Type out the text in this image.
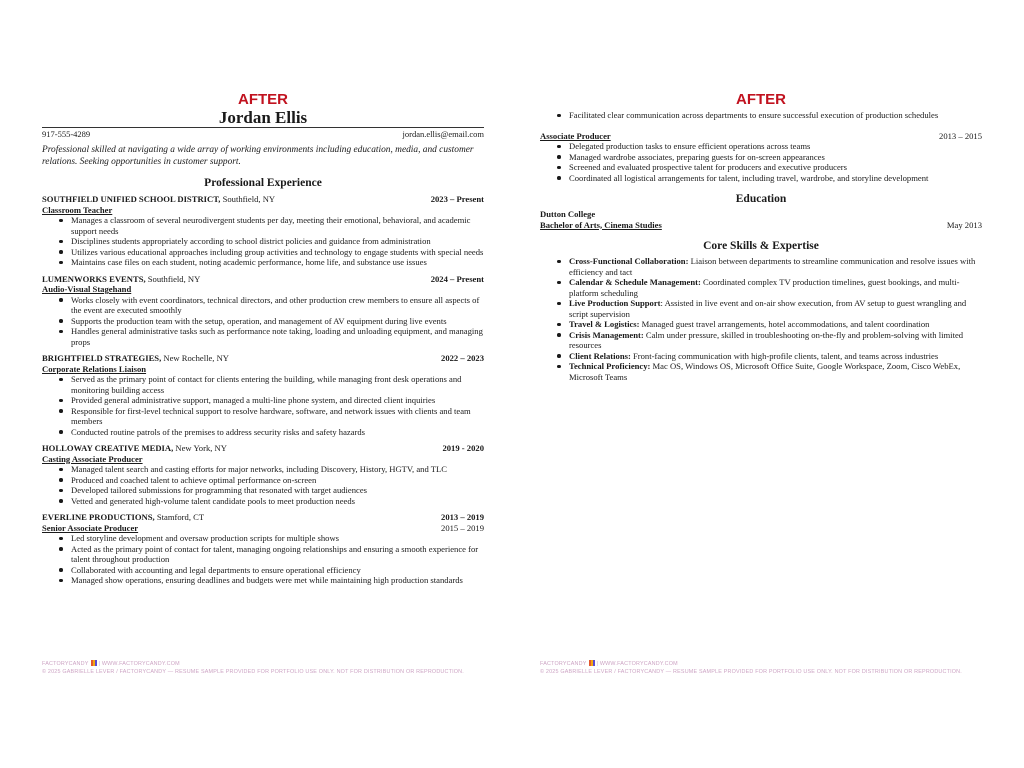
AFTER
Jordan Ellis
917-555-4289	jordan.ellis@email.com
Professional skilled at navigating a wide array of working environments including education, media, and customer relations. Seeking opportunities in customer support.
Professional Experience
SOUTHFIELD UNIFIED SCHOOL DISTRICT, Southfield, NY	2023 – Present
Classroom Teacher
Manages a classroom of several neurodivergent students per day, meeting their emotional, behavioral, and academic support needs
Disciplines students appropriately according to school district policies and guidance from administration
Utilizes various educational approaches including group activities and technology to engage students with special needs
Maintains case files on each student, noting academic performance, home life, and substance use issues
LUMENWORKS EVENTS, Southfield, NY	2024 – Present
Audio-Visual Stagehand
Works closely with event coordinators, technical directors, and other production crew members to ensure all aspects of the event are executed smoothly
Supports the production team with the setup, operation, and management of AV equipment during live events
Handles general administrative tasks such as performance note taking, loading and unloading equipment, and managing props
BRIGHTFIELD STRATEGIES, New Rochelle, NY	2022 – 2023
Corporate Relations Liaison
Served as the primary point of contact for clients entering the building, while managing front desk operations and monitoring building access
Provided general administrative support, managed a multi-line phone system, and directed client inquiries
Responsible for first-level technical support to resolve hardware, software, and network issues with clients and team members
Conducted routine patrols of the premises to address security risks and safety hazards
HOLLOWAY CREATIVE MEDIA, New York, NY	2019 - 2020
Casting Associate Producer
Managed talent search and casting efforts for major networks, including Discovery, History, HGTV, and TLC
Produced and coached talent to achieve optimal performance on-screen
Developed tailored submissions for programming that resonated with target audiences
Vetted and generated high-volume talent candidate pools to meet production needs
EVERLINE PRODUCTIONS, Stamford, CT	2013 – 2019
Senior Associate Producer	2015 – 2019
Led storyline development and oversaw production scripts for multiple shows
Acted as the primary point of contact for talent, managing ongoing relationships and ensuring a smooth experience for talent throughout production
Collaborated with accounting and legal departments to ensure operational efficiency
Managed show operations, ensuring deadlines and budgets were met while maintaining high production standards
FACTORYCANDY | WWW.FACTORYCANDY.COM
© 2025 GABRIELLE LEVER / FACTORYCANDY — RESUME SAMPLE PROVIDED FOR PORTFOLIO USE ONLY. NOT FOR DISTRIBUTION OR REPRODUCTION.
AFTER
Facilitated clear communication across departments to ensure successful execution of production schedules
Associate Producer	2013 – 2015
Delegated production tasks to ensure efficient operations across teams
Managed wardrobe associates, preparing guests for on-screen appearances
Screened and evaluated prospective talent for producers and executive producers
Coordinated all logistical arrangements for talent, including travel, wardrobe, and storyline development
Education
Dutton College
Bachelor of Arts, Cinema Studies	May 2013
Core Skills & Expertise
Cross-Functional Collaboration: Liaison between departments to streamline communication and resolve issues with efficiency and tact
Calendar & Schedule Management: Coordinated complex TV production timelines, guest bookings, and multi-platform scheduling
Live Production Support: Assisted in live event and on-air show execution, from AV setup to guest wrangling and script supervision
Travel & Logistics: Managed guest travel arrangements, hotel accommodations, and talent coordination
Crisis Management: Calm under pressure, skilled in troubleshooting on-the-fly and problem-solving with limited resources
Client Relations: Front-facing communication with high-profile clients, talent, and teams across industries
Technical Proficiency: Mac OS, Windows OS, Microsoft Office Suite, Google Workspace, Zoom, Cisco WebEx, Microsoft Teams
FACTORYCANDY | WWW.FACTORYCANDY.COM
© 2025 GABRIELLE LEVER / FACTORYCANDY — RESUME SAMPLE PROVIDED FOR PORTFOLIO USE ONLY. NOT FOR DISTRIBUTION OR REPRODUCTION.
